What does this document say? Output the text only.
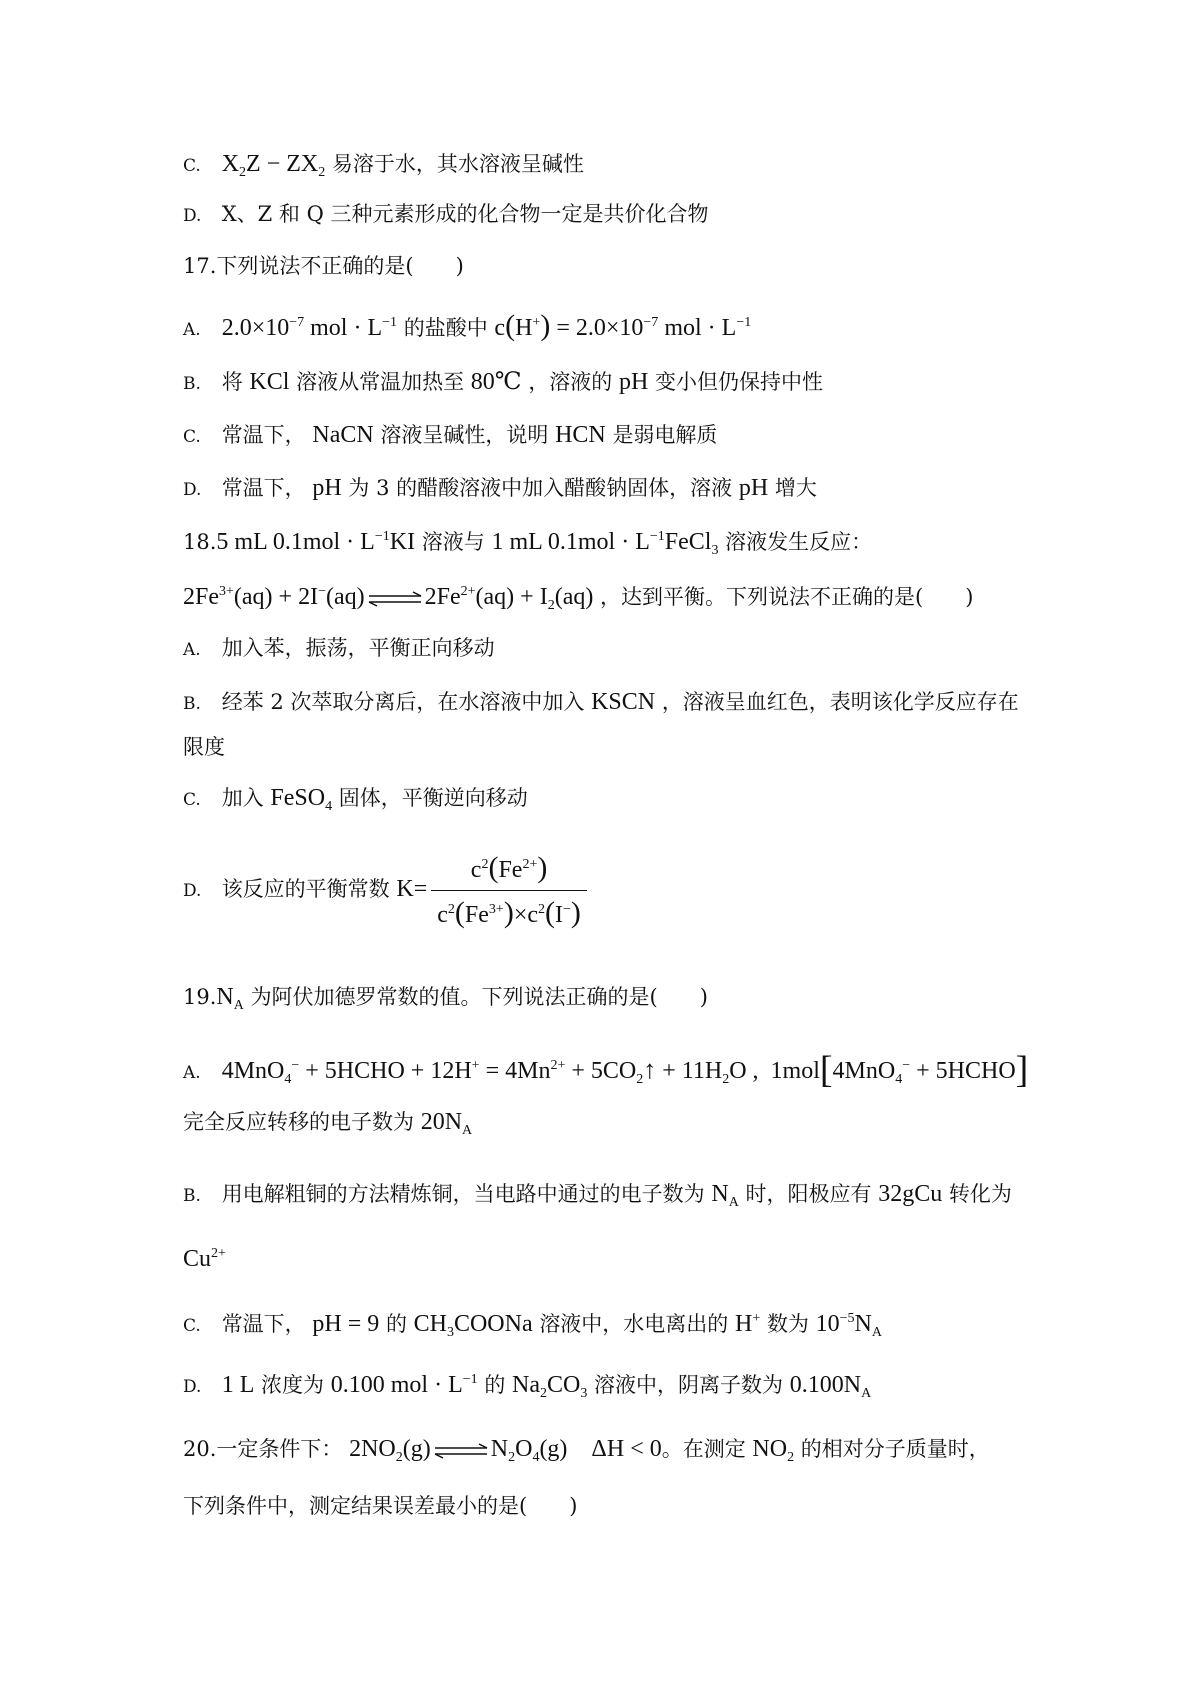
C. $X_2Z - ZX_2$ 易溶于水，其水溶液呈碱性
D. X、Z 和 Q 三种元素形成的化合物一定是共价化合物
17.下列说法不正确的是(　　)
A. $2.0\times 10^{-7}$ mol · $L^{-1}$ 的盐酸中 $c(H^+) = 2.0\times 10^{-7}$ mol · $L^{-1}$
B. 将 KCl 溶液从常温加热至 80℃ ，溶液的 pH 变小但仍保持中性
C. 常温下， NaCN 溶液呈碱性，说明 HCN 是弱电解质
D. 常温下， pH 为 3 的醋酸溶液中加入醋酸钠固体，溶液 pH 增大
18.5 mL $0.1mol \cdot L^{-1}KI$ 溶液与 1 mL $0.1mol \cdot L^{-1}FeCl_3$ 溶液发生反应：
$2Fe^{3+}(aq) + 2I^-(aq)$ ⇌ $2Fe^{2+}(aq) + I_2(aq)$ ，达到平衡。下列说法不正确的是(　　)
A. 加入苯，振荡，平衡正向移动
B. 经苯 2 次萃取分离后，在水溶液中加入 KSCN ，溶液呈血红色，表明该化学反应存在
限度
C. 加入 FeSO$_4$ 固体，平衡逆向移动
D. 该反应的平衡常数 $K= \frac{c^2(Fe^{2+})}{c^2(Fe^{3+})\times c^2(I^-)}$
$19.N_A$ 为阿伏加德罗常数的值。下列说法正确的是(　　)
A. 4MnO$_4$− + 5HCHO + $12H^+ = 4Mn^{2+}$ + $5CO_2↑ + 11H_2O$ ,  1mol[4MnO$_4$− + 5HCHO]
完全反应转移的电子数为 $20N_A$
B. 用电解粗铜的方法精炼铜，当电路中通过的电子数为 $N_A$ 时，阳极应有 32gCu 转化为
$Cu^{2+}$
C. 常温下， pH = 9 的 $CH_3COONa$ 溶液中，水电离出的 H+ 数为 $10^{-5}N_A$
D. 1 L 浓度为 0.100 mol · $L^{-1}$ 的 $Na_2CO_3$ 溶液中，阴离子数为 $0.100N_A$
20.一定条件下： $2NO_2(g)$ ⇌ $N_2O_4(g)$    ΔH < 0。在测定 $NO_2$ 的相对分子质量时，
下列条件中，测定结果误差最小的是(　　)
